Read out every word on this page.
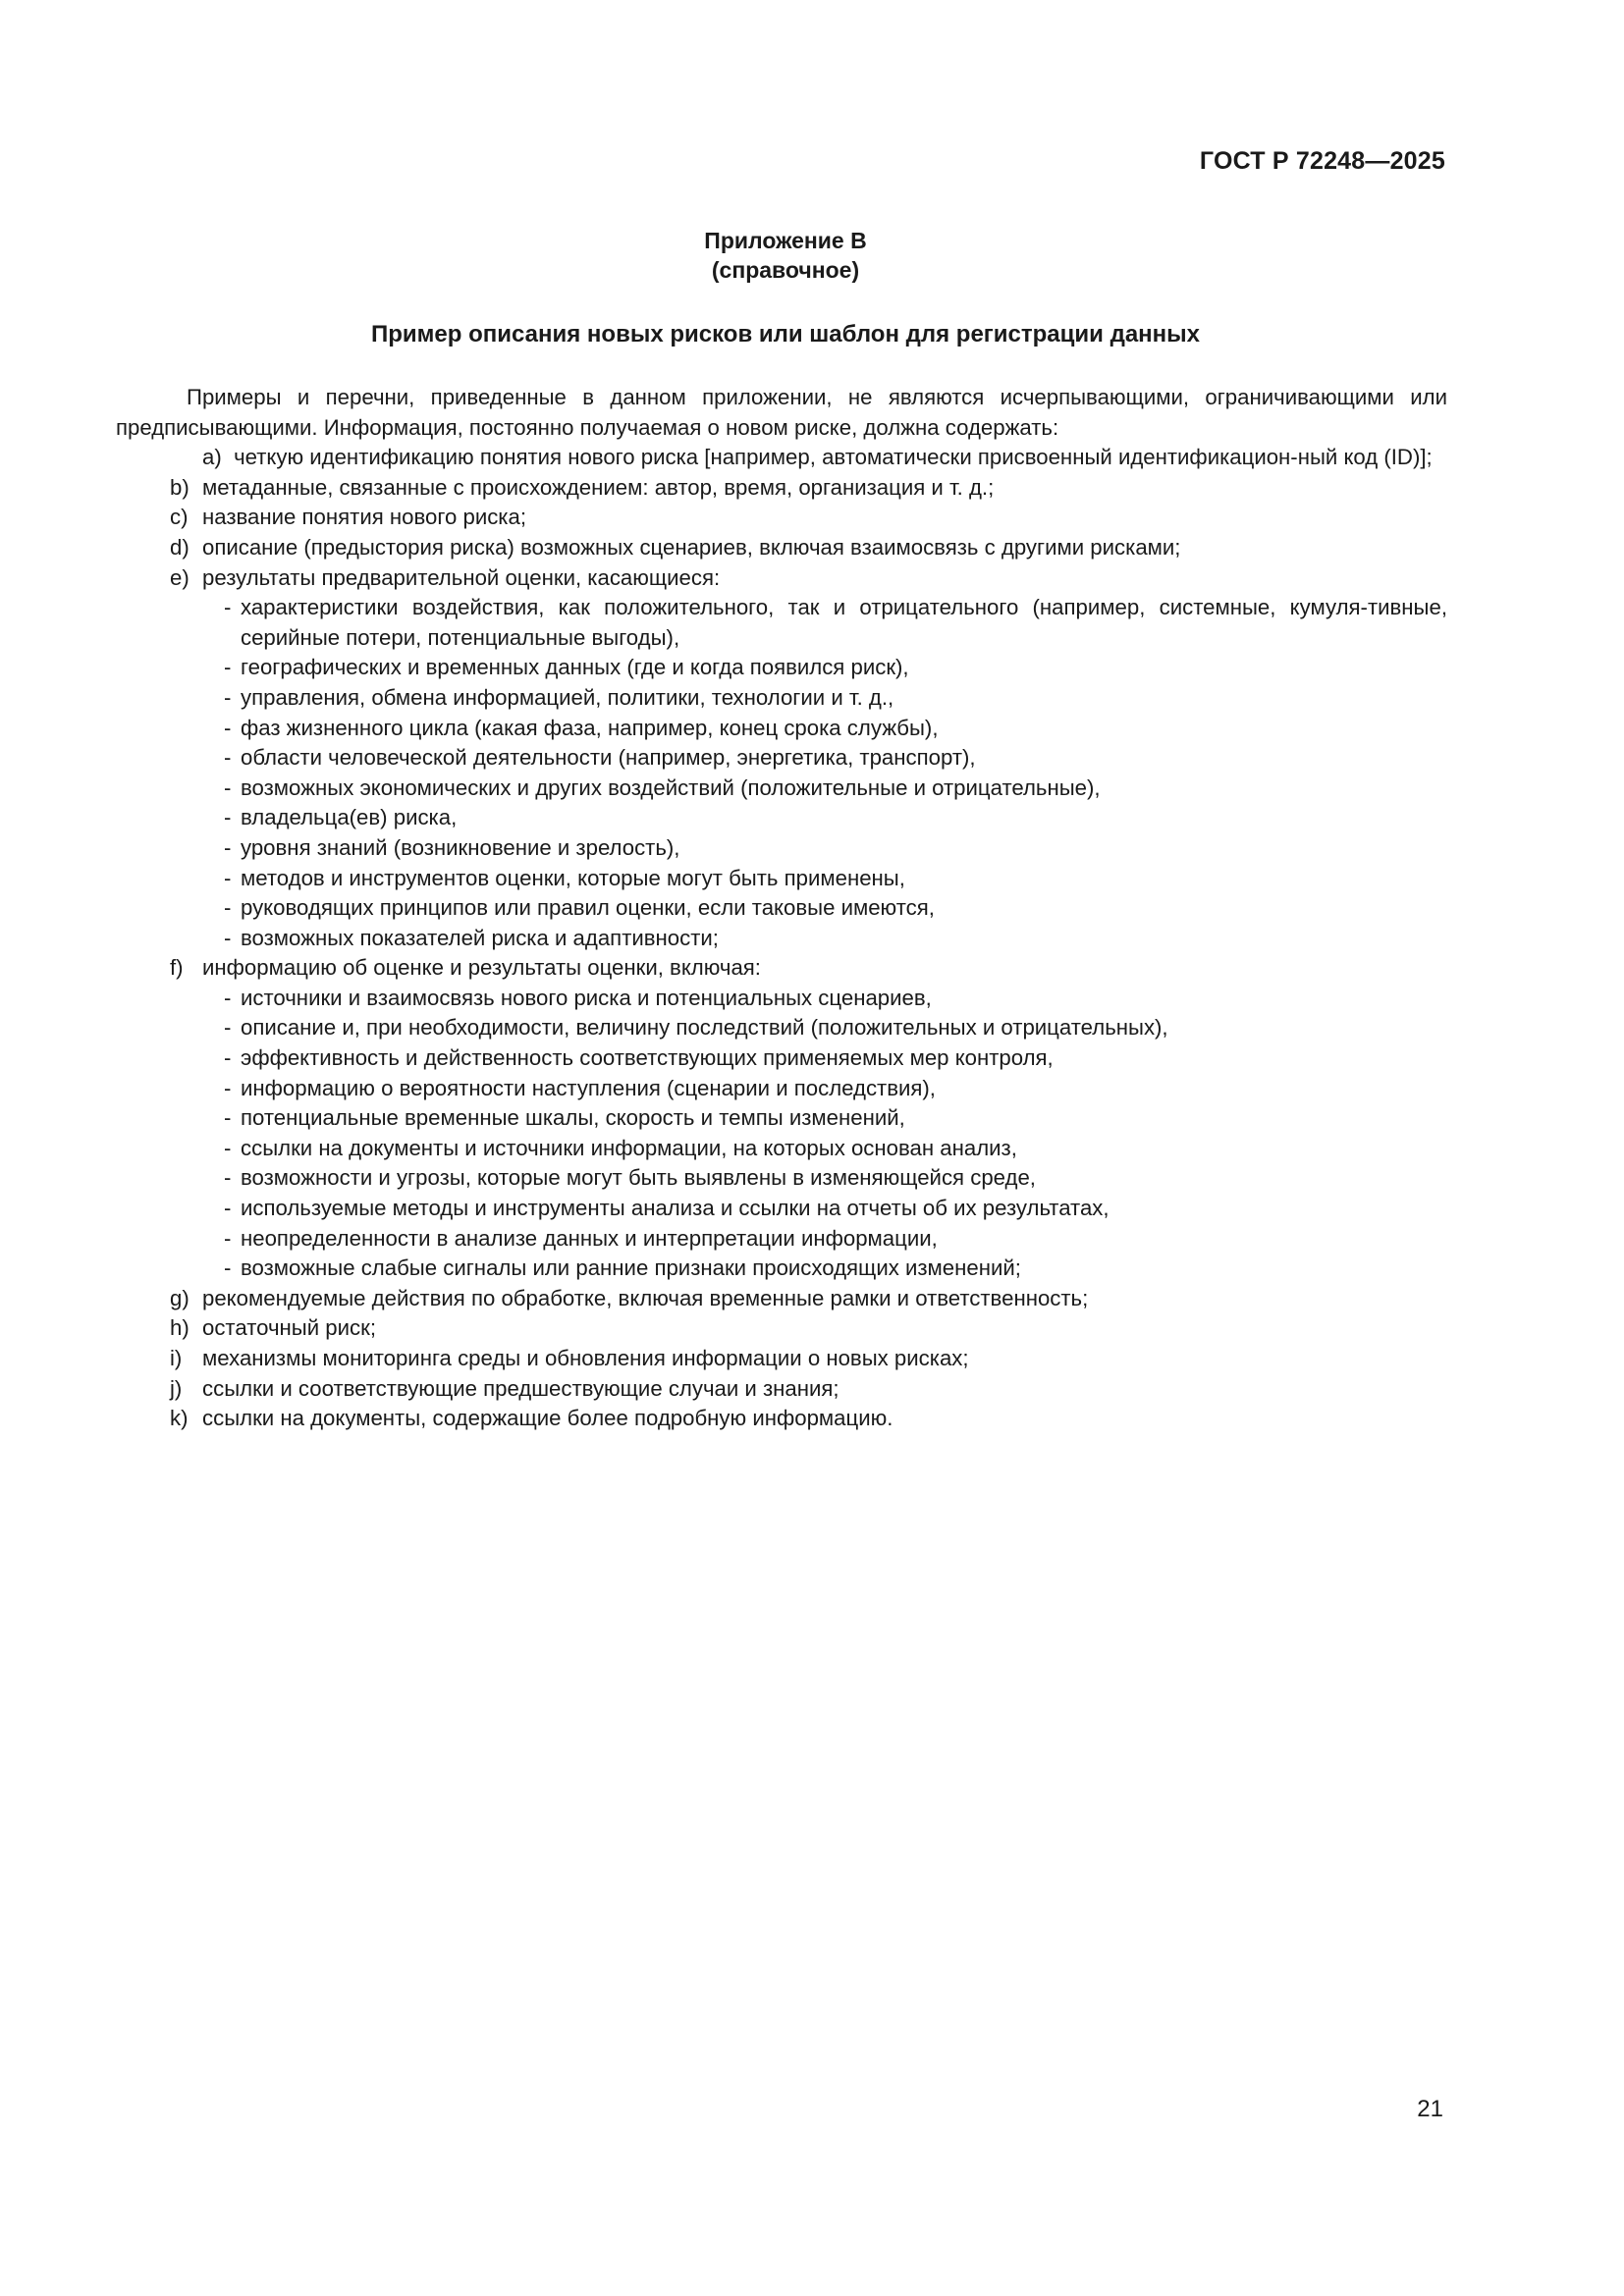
ГОСТ Р 72248—2025
Приложение В
(справочное)
Пример описания новых рисков или шаблон для регистрации данных

Примеры и перечни, приведенные в данном приложении, не являются исчерпывающими, ограничивающими или предписывающими. Информация, постоянно получаемая о новом риске, должна содержать:

a) четкую идентификацию понятия нового риска [например, автоматически присвоенный идентификацион-ный код (ID)];
b) метаданные, связанные с происхождением: автор, время, организация и т. д.;
c) название понятия нового риска;
d) описание (предыстория риска) возможных сценариев, включая взаимосвязь с другими рисками;
e) результаты предварительной оценки, касающиеся:
- характеристики воздействия, как положительного, так и отрицательного (например, системные, кумуля-тивные, серийные потери, потенциальные выгоды),
- географических и временных данных (где и когда появился риск),
- управления, обмена информацией, политики, технологии и т. д.,
- фаз жизненного цикла (какая фаза, например, конец срока службы),
- области человеческой деятельности (например, энергетика, транспорт),
- возможных экономических и других воздействий (положительные и отрицательные),
- владельца(ев) риска,
- уровня знаний (возникновение и зрелость),
- методов и инструментов оценки, которые могут быть применены,
- руководящих принципов или правил оценки, если таковые имеются,
- возможных показателей риска и адаптивности;
f) информацию об оценке и результаты оценки, включая:
- источники и взаимосвязь нового риска и потенциальных сценариев,
- описание и, при необходимости, величину последствий (положительных и отрицательных),
- эффективность и действенность соответствующих применяемых мер контроля,
- информацию о вероятности наступления (сценарии и последствия),
- потенциальные временные шкалы, скорость и темпы изменений,
- ссылки на документы и источники информации, на которых основан анализ,
- возможности и угрозы, которые могут быть выявлены в изменяющейся среде,
- используемые методы и инструменты анализа и ссылки на отчеты об их результатах,
- неопределенности в анализе данных и интерпретации информации,
- возможные слабые сигналы или ранние признаки происходящих изменений;
g) рекомендуемые действия по обработке, включая временные рамки и ответственность;
h) остаточный риск;
i) механизмы мониторинга среды и обновления информации о новых рисках;
j) ссылки и соответствующие предшествующие случаи и знания;
k) ссылки на документы, содержащие более подробную информацию.
21
